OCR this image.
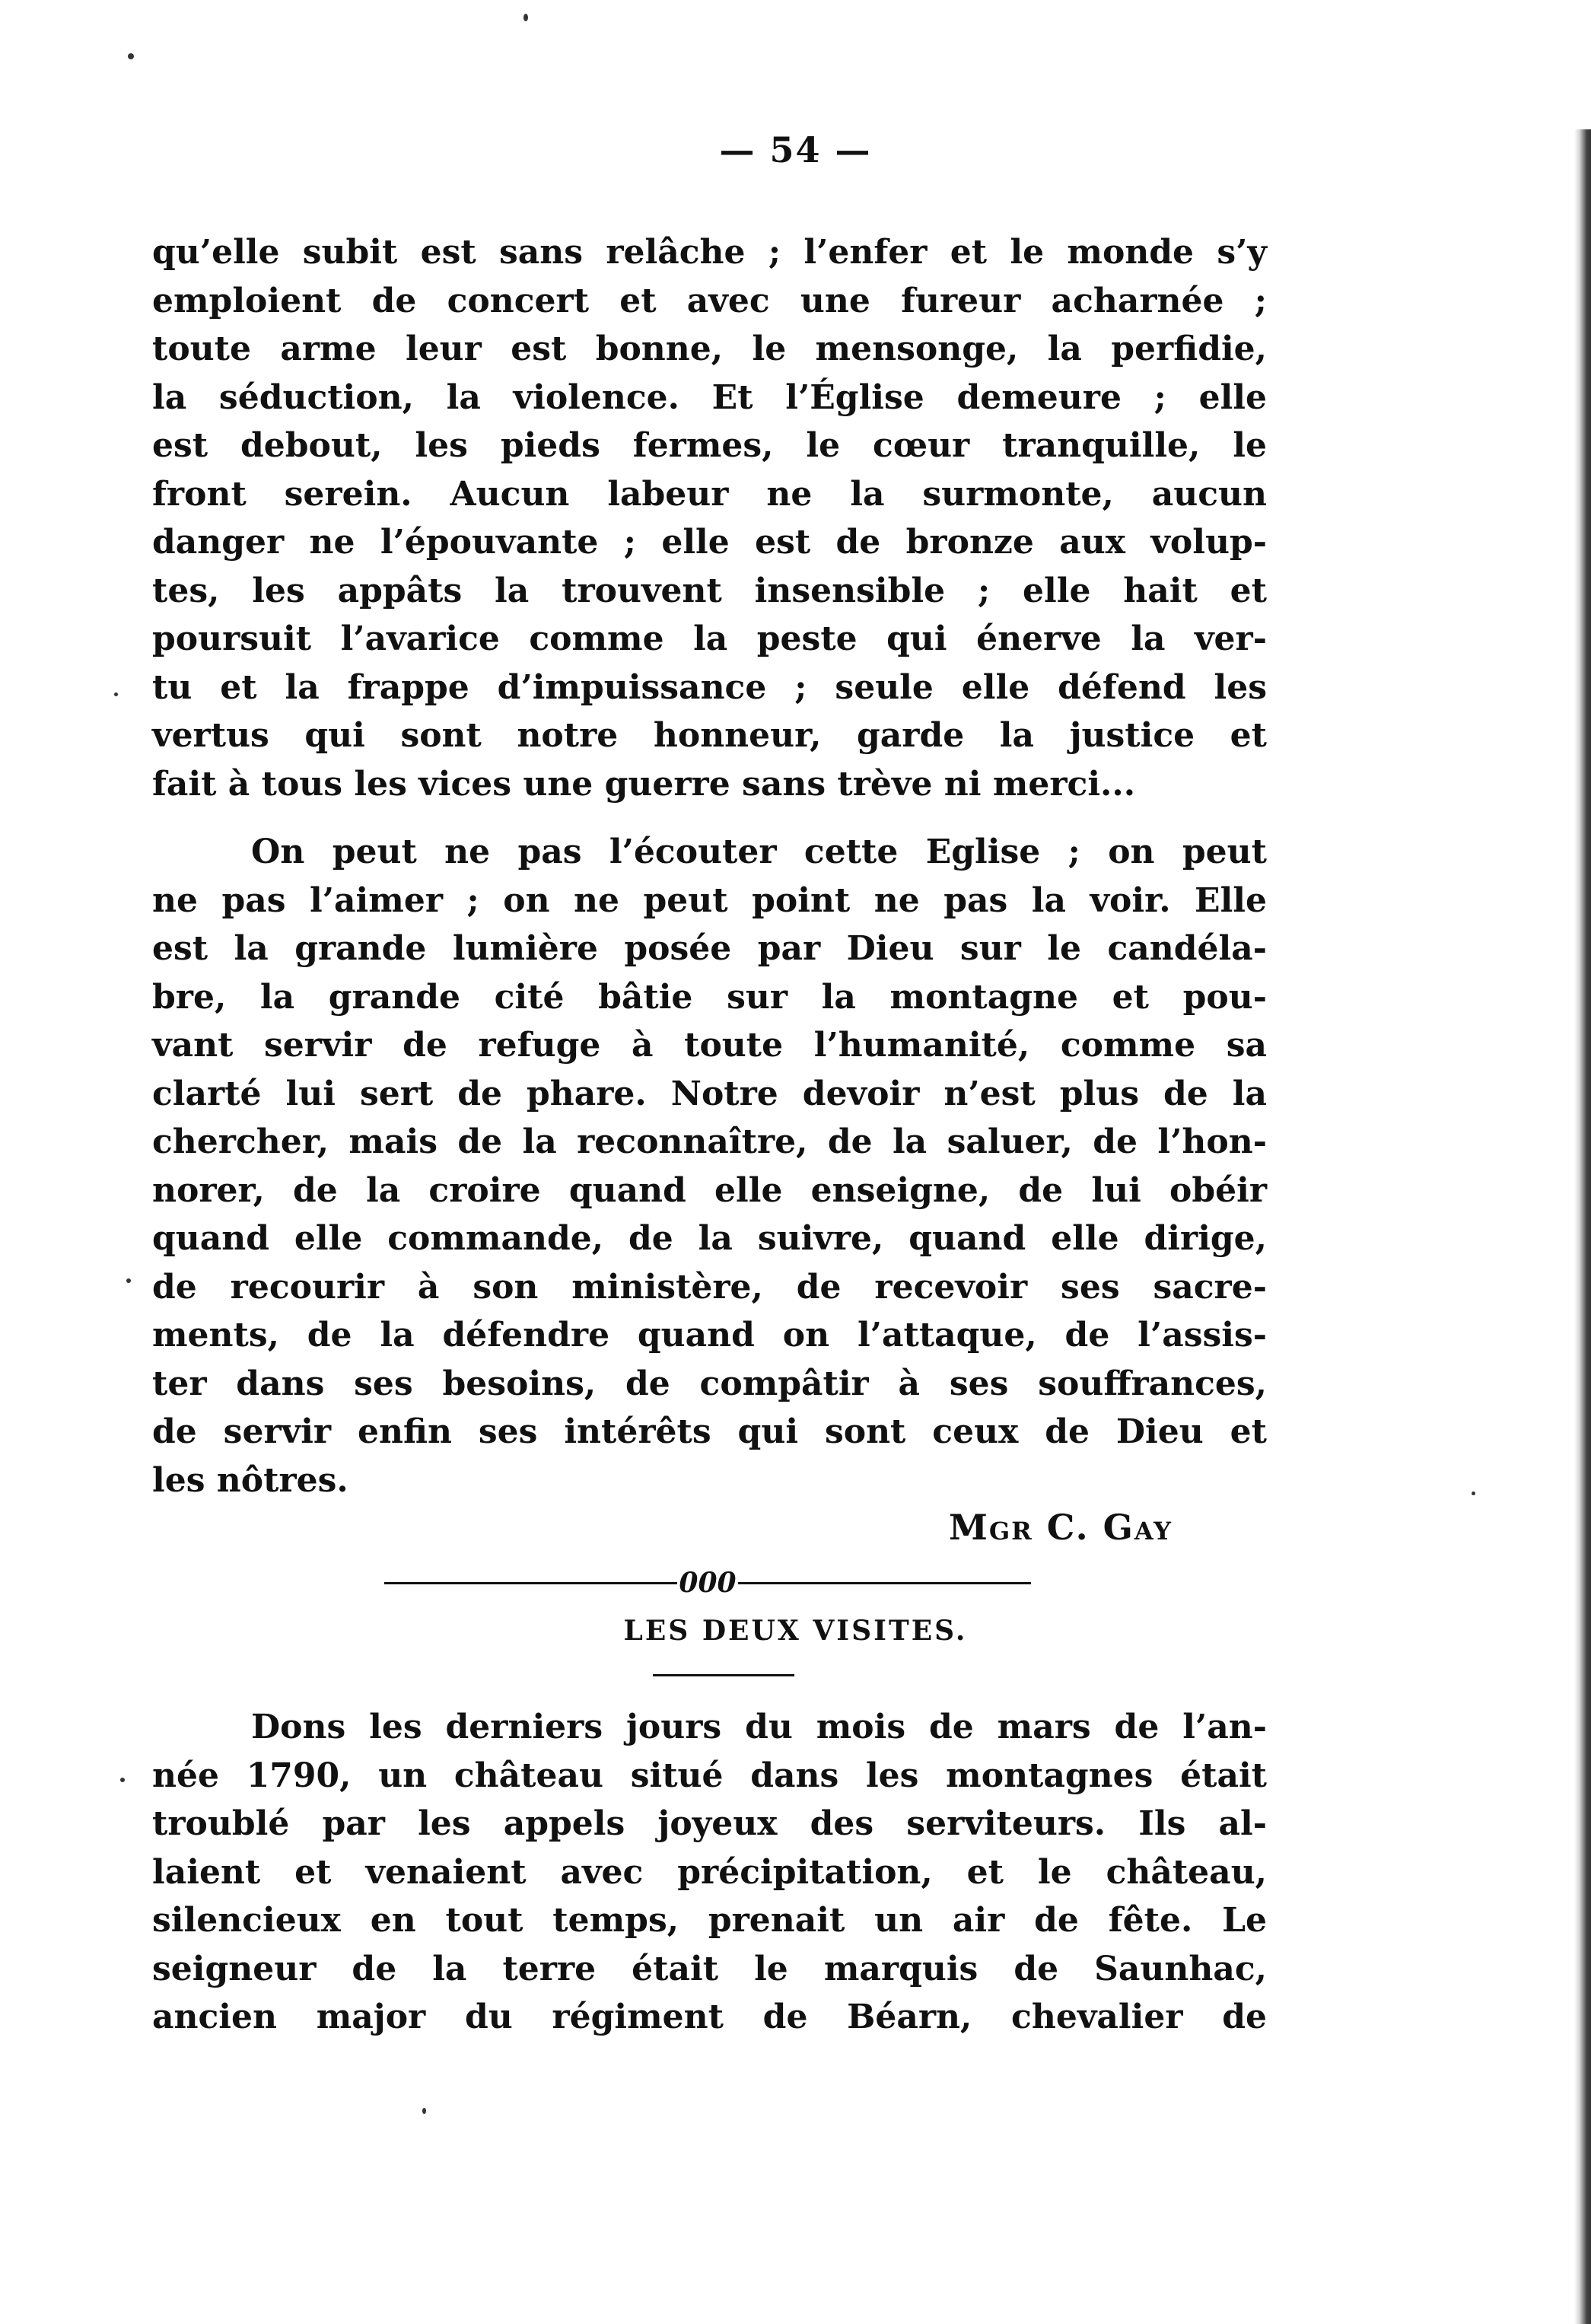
— 54 —

qu’elle subit est sans relâche ; l’enfer et le monde s’y

emploient de concert et avec une fureur acharnée ;

toute arme leur est bonne, le mensonge, la perfidie,

la séduction, la violence. Et l’Église demeure ; elle

est debout, les pieds fermes, le cœur tranquille, le

front serein. Aucun labeur ne la surmonte, aucun

danger ne l’épouvante ; elle est de bronze aux volup-

tes, les appâts la trouvent insensible ; elle hait et

poursuit l’avarice comme la peste qui énerve la ver-

tu et la frappe d’impuissance ; seule elle défend les

vertus qui sont notre honneur, garde la justice et

fait à tous les vices une guerre sans trève ni merci...

On peut ne pas l’écouter cette Eglise ; on peut

ne pas l’aimer ; on ne peut point ne pas la voir. Elle

est la grande lumière posée par Dieu sur le candéla-

bre, la grande cité bâtie sur la montagne et pou-

vant servir de refuge à toute l’humanité, comme sa

clarté lui sert de phare. Notre devoir n’est plus de la

chercher, mais de la reconnaître, de la saluer, de l’hon-

norer, de la croire quand elle enseigne, de lui obéir

quand elle commande, de la suivre, quand elle dirige,

de recourir à son ministère, de recevoir ses sacre-

ments, de la défendre quand on l’attaque, de l’assis-

ter dans ses besoins, de compâtir à ses souffrances,

de servir enfin ses intérêts qui sont ceux de Dieu et

les nôtres.

Mgr C. Gay
000
LES DEUX VISITES.

Dons les derniers jours du mois de mars de l’an-

née 1790, un château situé dans les montagnes était

troublé par les appels joyeux des serviteurs. Ils al-

laient et venaient avec précipitation, et le château,

silencieux en tout temps, prenait un air de fête. Le

seigneur de la terre était le marquis de Saunhac,

ancien major du régiment de Béarn, chevalier de
